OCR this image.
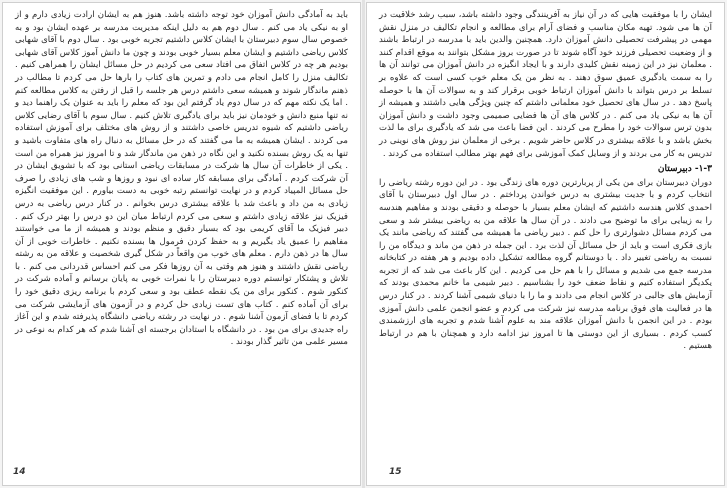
باید به آمادگی دانش آموزان خود توجه داشته باشد. هنوز هم به ایشان ارادت زیادی دارم و از او به نیکی یاد می کنم . سال دوم هم به دلیل اینکه مدیریت مدرسه بر عهده ایشان بود و به خصوص سال سوم دبیرستان با ایشان کلاس داشتیم تجربه خوبی بود . سال دوم با آقای شهابی کلاس ریاضی داشتیم و ایشان معلم بسیار خوبی بودند و چون ما دانش آموز کلاس آقای شهابی بودیم هر چه در کلاس اتفاق می افتاد سعی می کردیم در حل مسائل ایشان را همراهی کنیم . تکالیف منزل را کامل انجام می دادم و تمرین های کتاب را بارها حل می کردم تا مطالب در ذهنم ماندگار شوند و همیشه سعی داشتم درس هر جلسه را قبل از رفتن به کلاس مطالعه کنم . اما یک نکته مهم که در سال دوم یاد گرفتم این بود که معلم را باید به عنوان یک راهنما دید و نه تنها منبع دانش و خودمان نیز باید برای یادگیری تلاش کنیم . سال سوم با آقای رضایی کلاس ریاضی داشتیم که شیوه تدریس خاصی داشتند و از روش های مختلف برای آموزش استفاده می کردند . ایشان همیشه به ما می گفتند که در حل مسائل به دنبال راه های متفاوت باشید و تنها به یک روش بسنده نکنید و این نگاه در ذهن من ماندگار شد و تا امروز نیز همراه من است . یکی از خاطرات آن سال ها شرکت در مسابقات ریاضی استانی بود که با تشویق ایشان در آن شرکت کردم . آمادگی برای مسابقه کار ساده ای نبود و روزها و شب های زیادی را صرف حل مسائل المپیاد کردم و در نهایت توانستم رتبه خوبی به دست بیاورم . این موفقیت انگیزه زیادی به من داد و باعث شد با علاقه بیشتری درس بخوانم . در کنار درس ریاضی به درس فیزیک نیز علاقه زیادی داشتم و سعی می کردم ارتباط میان این دو درس را بهتر درک کنم . دبیر فیزیک ما آقای کریمی بود که بسیار دقیق و منظم بودند و همیشه از ما می خواستند مفاهیم را عمیق یاد بگیریم و به حفظ کردن فرمول ها بسنده نکنیم . خاطرات خوبی از آن سال ها در ذهن دارم . معلم های خوب من واقعاً در شکل گیری شخصیت و علاقه من به رشته ریاضی نقش داشتند و هنوز هم وقتی به آن روزها فکر می کنم احساس قدردانی می کنم . با تلاش و پشتکار توانستم دوره دبیرستان را با نمرات خوبی به پایان برسانم و آماده شرکت در کنکور شوم . کنکور برای من یک نقطه عطف بود و سعی کردم با برنامه ریزی دقیق خود را برای آن آماده کنم . کتاب های تست زیادی حل کردم و در آزمون های آزمایشی شرکت می کردم تا با فضای آزمون آشنا شوم . در نهایت در رشته ریاضی دانشگاه پذیرفته شدم و این آغاز راه جدیدی برای من بود . در دانشگاه با استادان برجسته ای آشنا شدم که هر کدام به نوعی در مسیر علمی من تاثیر گذار بودند .

14

ایشان را با موفقیت هایی که در آن نیاز به آفرینندگی وجود داشته باشد، سبب رشد خلاقیت در آن ها می شود. تهیه مکان مناسب و فضای آرام برای مطالعه و انجام تکالیف در منزل نقش مهمی در پیشرفت تحصیلی دانش آموزان دارد. همچنین والدین باید با مدرسه در ارتباط باشند و از وضعیت تحصیلی فرزند خود آگاه شوند تا در صورت بروز مشکل بتوانند به موقع اقدام کنند . معلمان نیز در این زمینه نقش کلیدی دارند و با ایجاد انگیزه در دانش آموزان می توانند آن ها را به سمت یادگیری عمیق سوق دهند . به نظر من یک معلم خوب کسی است که علاوه بر تسلط بر درس بتواند با دانش آموزان ارتباط خوبی برقرار کند و به سوالات آن ها با حوصله پاسخ دهد . در سال های تحصیل خود معلمانی داشتم که چنین ویژگی هایی داشتند و همیشه از آن ها به نیکی یاد می کنم . در کلاس های آن ها فضایی صمیمی وجود داشت و دانش آموزان بدون ترس سوالات خود را مطرح می کردند . این فضا باعث می شد که یادگیری برای ما لذت بخش باشد و با علاقه بیشتری در کلاس حاضر شویم . برخی از معلمان نیز روش های نوینی در تدریس به کار می بردند و از وسایل کمک آموزشی برای فهم بهتر مطالب استفاده می کردند .

۱-۳- دبیرستان

دوران دبیرستان برای من یکی از پربارترین دوره های زندگی بود . در این دوره رشته ریاضی را انتخاب کردم و با جدیت بیشتری به درس خواندن پرداختم . در سال اول دبیرستان با آقای احمدی کلاس هندسه داشتیم که ایشان معلم بسیار با حوصله و دقیقی بودند و مفاهیم هندسه را به زیبایی برای ما توضیح می دادند . در آن سال ها علاقه من به ریاضی بیشتر شد و سعی می کردم مسائل دشوارتری را حل کنم . دبیر ریاضی ما همیشه می گفتند که ریاضی مانند یک بازی فکری است و باید از حل مسائل آن لذت برد . این جمله در ذهن من ماند و دیدگاه من را نسبت به ریاضی تغییر داد . با دوستانم گروه مطالعه تشکیل داده بودیم و هر هفته در کتابخانه مدرسه جمع می شدیم و مسائل را با هم حل می کردیم . این کار باعث می شد که از تجربه یکدیگر استفاده کنیم و نقاط ضعف خود را بشناسیم . دبیر شیمی ما خانم محمدی بودند که آزمایش های جالبی در کلاس انجام می دادند و ما را با دنیای شیمی آشنا کردند . در کنار درس ها در فعالیت های فوق برنامه مدرسه نیز شرکت می کردم و عضو انجمن علمی دانش آموزی بودم . در این انجمن با دانش آموزان علاقه مند به علوم آشنا شدم و تجربه های ارزشمندی کسب کردم . بسیاری از این دوستی ها تا امروز نیز ادامه دارد و همچنان با هم در ارتباط هستیم .

15
